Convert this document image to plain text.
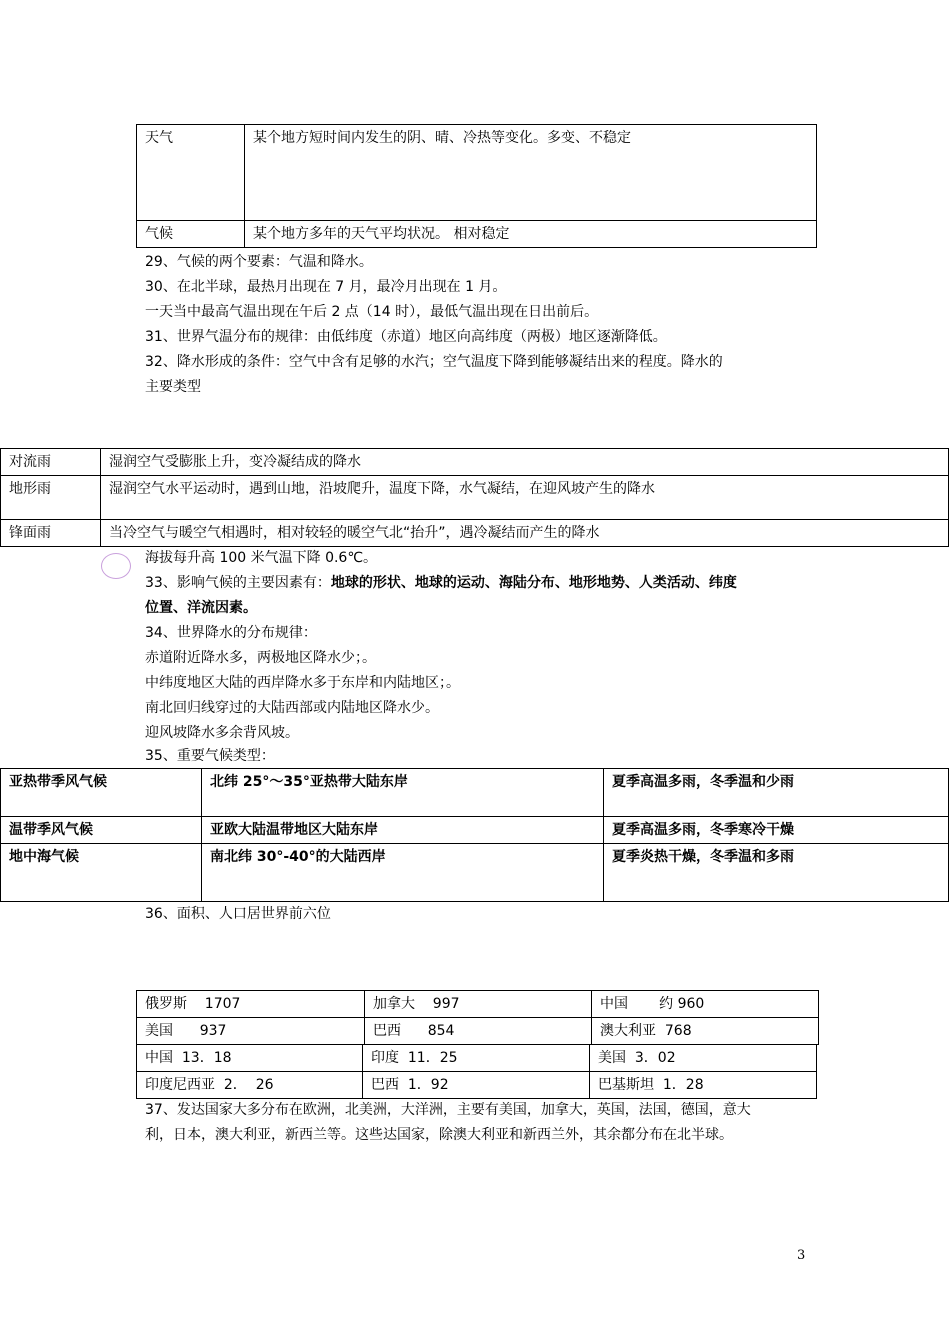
天气	某个地方短时间内发生的阴、晴、冷热等变化。多变、不稳定
气候	某个地方多年的天气平均状况。 相对稳定
29、气候的两个要素：气温和降水。
30、在北半球，最热月出现在 7 月，最冷月出现在 1 月。
一天当中最高气温出现在午后 2 点（14 时），最低气温出现在日出前后。
31、世界气温分布的规律：由低纬度（赤道）地区向高纬度（两极）地区逐渐降低。
32、降水形成的条件：空气中含有足够的水汽；空气温度下降到能够凝结出来的程度。降水的
主要类型
对流雨	湿润空气受膨胀上升，变冷凝结成的降水
地形雨	湿润空气水平运动时，遇到山地，沿坡爬升，温度下降，水气凝结，在迎风坡产生的降水
锋面雨	当冷空气与暖空气相遇时，相对较轻的暖空气北“抬升”，遇冷凝结而产生的降水
海拔每升高 100 米气温下降 0.6℃。
33、影响气候的主要因素有：地球的形状、地球的运动、海陆分布、地形地势、人类活动、纬度
位置、洋流因素。
34、世界降水的分布规律：
赤道附近降水多，两极地区降水少；。
中纬度地区大陆的西岸降水多于东岸和内陆地区；。
南北回归线穿过的大陆西部或内陆地区降水少。
迎风坡降水多余背风坡。
35、重要气候类型：
亚热带季风气候	北纬 25°～35°亚热带大陆东岸	夏季高温多雨，冬季温和少雨
温带季风气候	亚欧大陆温带地区大陆东岸	夏季高温多雨，冬季寒冷干燥
地中海气候	南北纬 30°-40°的大陆西岸	夏季炎热干燥，冬季温和多雨
36、面积、人口居世界前六位
俄罗斯    1707	加拿大    997	中国       约 960
美国      937	巴西      854	澳大利亚  768
中国  13．18	印度  11．25	美国  3．02
印度尼西亚  2．  26	巴西  1．92	巴基斯坦  1．28
37、发达国家大多分布在欧洲，北美洲，大洋洲，主要有美国，加拿大，英国，法国，德国，意大
利，日本，澳大利亚，新西兰等。这些达国家，除澳大利亚和新西兰外，其余都分布在北半球。
3
